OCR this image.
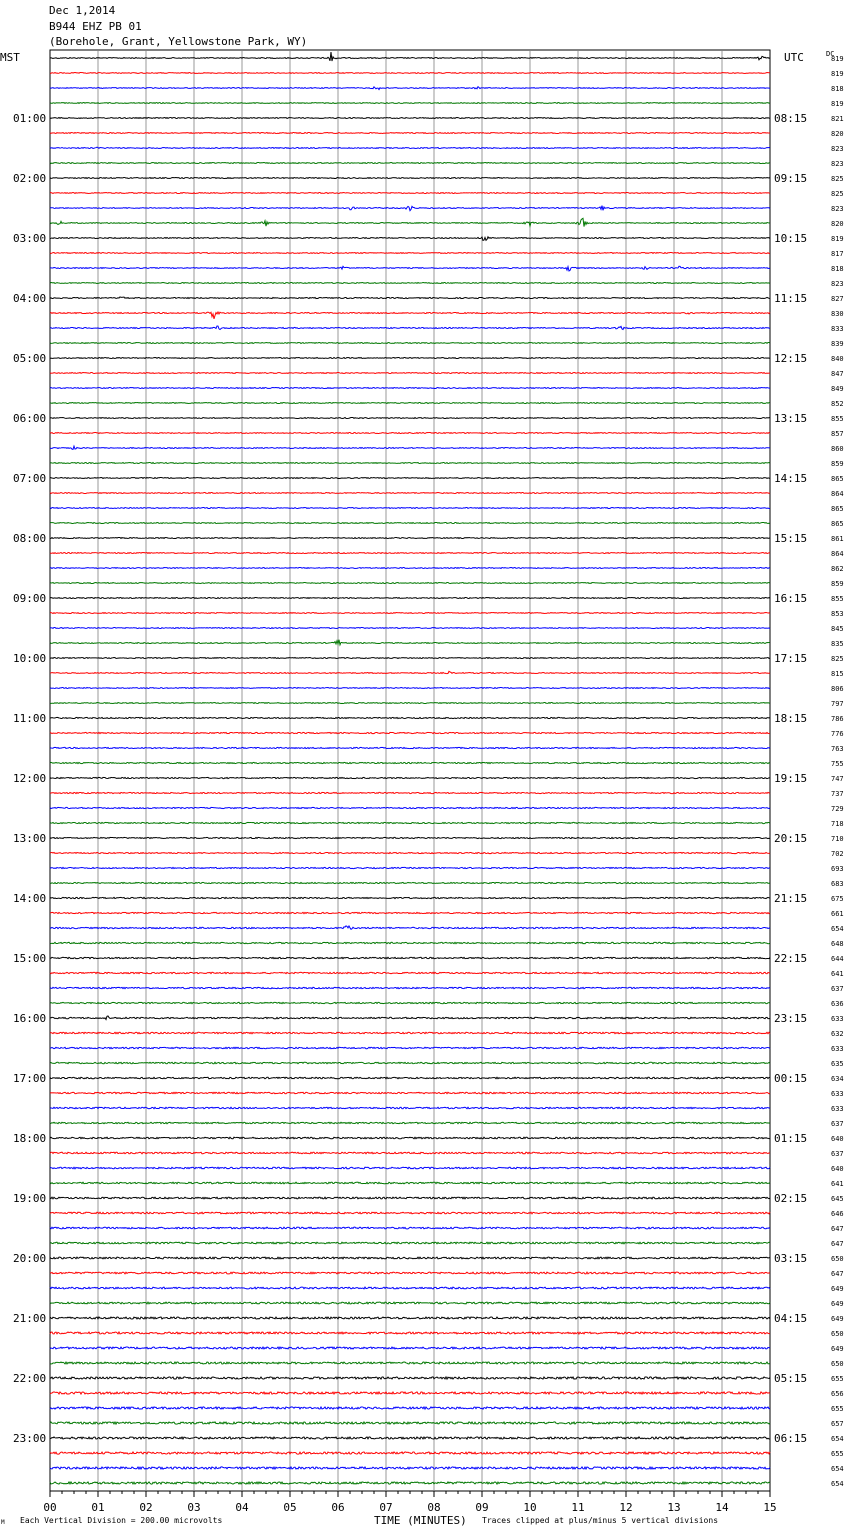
Dec 1,2014
B944 EHZ PB 01
(Borehole, Grant, Yellowstone Park, WY)
MST	UTC	DC
01:00
02:00
03:00
04:00
05:00
06:00
07:00
08:00
09:00
10:00
11:00
12:00
13:00
14:00
15:00
16:00
17:00
18:00
19:00
20:00
21:00
22:00
23:00
08:15
09:15
10:15
11:15
12:15
13:15
14:15
15:15
16:15
17:15
18:15
19:15
20:15
21:15
22:15
23:15
00:15
01:15
02:15
03:15
04:15
05:15
06:15
819
819
818
819
821
820
823
823
825
825
823
820
819
817
818
823
827
830
833
839
840
847
849
852
855
857
860
859
865
864
865
865
861
864
862
859
855
853
845
835
825
815
806
797
786
776
763
755
747
737
729
718
710
702
693
683
675
661
654
648
644
641
637
636
633
632
633
635
634
633
633
637
640
637
640
641
645
646
647
647
650
647
649
649
649
650
649
650
655
656
655
657
654
655
654
654
00	01	02	03	04	05	06	07	08	09	10	11	12	13	14	15
M Each Vertical Division = 200.00 microvolts	TIME (MINUTES) Traces clipped at plus/minus 5 vertical divisions
